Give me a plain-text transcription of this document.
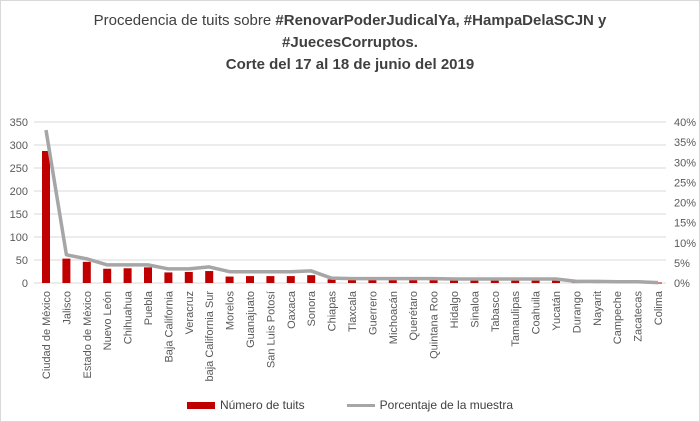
Procedencia de tuits sobre #RenovarPoderJudicalYa, #HampaDelaSCJN y
#JuecesCorruptos.
Corte del 17 al 18 de junio del 2019
0
50
100
150
200
250
300
350
0%
5%
10%
15%
20%
25%
30%
35%
40%
Ciudad de México Jalisco Estado de México Nuevo León Chihuahua Puebla Baja California Veracruz baja California Sur Morelos Guanajuato San Luis Potosí Oaxaca Sonora Chiapas Tlaxcala Guerrero Michoacán Querétaro Quintana Roo Hidalgo Sinaloa Tabasco Tamaulipas Coahuila Yucatán Durango Nayarit Campeche Zacatecas Colima
Número de tuits	Porcentaje de la muestra
